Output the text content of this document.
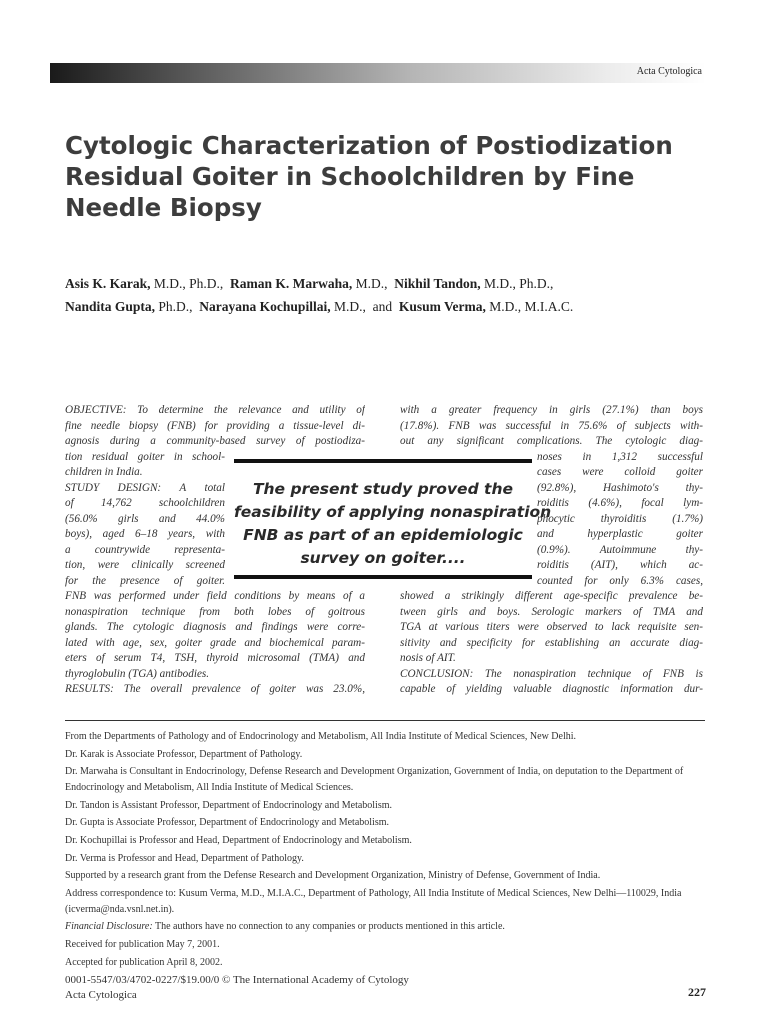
Acta Cytologica
Cytologic Characterization of Postiodization
Residual Goiter in Schoolchildren by Fine
Needle Biopsy
Asis K. Karak, M.D., Ph.D., Raman K. Marwaha, M.D., Nikhil Tandon, M.D., Ph.D.,
Nandita Gupta, Ph.D., Narayana Kochupillai, M.D., and Kusum Verma, M.D., M.I.A.C.
OBJECTIVE: To determine the relevance and utility of
fine needle biopsy (FNB) for providing a tissue-level di-
agnosis during a community-based survey of postiodiza-
tion residual goiter in school-
children in India.
STUDY DESIGN: A total
of 14,762 schoolchildren
(56.0% girls and 44.0%
boys), aged 6–18 years, with
a countrywide representa-
tion, were clinically screened
for the presence of goiter.
FNB was performed under field conditions by means of a
nonaspiration technique from both lobes of goitrous
glands. The cytologic diagnosis and findings were corre-
lated with age, sex, goiter grade and biochemical param-
eters of serum T4, TSH, thyroid microsomal (TMA) and
thyroglobulin (TGA) antibodies.
RESULTS: The overall prevalence of goiter was 23.0%,
with a greater frequency in girls (27.1%) than boys
(17.8%). FNB was successful in 75.6% of subjects with-
out any significant complications. The cytologic diag-
noses in 1,312 successful
cases were colloid goiter
(92.8%), Hashimoto's thy-
roiditis (4.6%), focal lym-
phocytic thyroiditis (1.7%)
and hyperplastic goiter
(0.9%). Autoimmune thy-
roiditis (AIT), which ac-
counted for only 6.3% cases,
showed a strikingly different age-specific prevalence be-
tween girls and boys. Serologic markers of TMA and
TGA at various titers were observed to lack requisite sen-
sitivity and specificity for establishing an accurate diag-
nosis of AIT.
CONCLUSION: The nonaspiration technique of FNB is
capable of yielding valuable diagnostic information dur-
The present study proved the
feasibility of applying nonaspiration
FNB as part of an epidemiologic
survey on goiter....

From the Departments of Pathology and of Endocrinology and Metabolism, All India Institute of Medical Sciences, New Delhi.

Dr. Karak is Associate Professor, Department of Pathology.

Dr. Marwaha is Consultant in Endocrinology, Defense Research and Development Organization, Government of India, on deputation to the Department of Endocrinology and Metabolism, All India Institute of Medical Sciences.

Dr. Tandon is Assistant Professor, Department of Endocrinology and Metabolism.

Dr. Gupta is Associate Professor, Department of Endocrinology and Metabolism.

Dr. Kochupillai is Professor and Head, Department of Endocrinology and Metabolism.

Dr. Verma is Professor and Head, Department of Pathology.

Supported by a research grant from the Defense Research and Development Organization, Ministry of Defense, Government of India.

Address correspondence to: Kusum Verma, M.D., M.I.A.C., Department of Pathology, All India Institute of Medical Sciences, New Delhi—110029, India (icverma@nda.vsnl.net.in).

Financial Disclosure: The authors have no connection to any companies or products mentioned in this article.

Received for publication May 7, 2001.

Accepted for publication April 8, 2002.

0001-5547/03/4702-0227/$19.00/0 © The International Academy of Cytology
Acta Cytologica	227
